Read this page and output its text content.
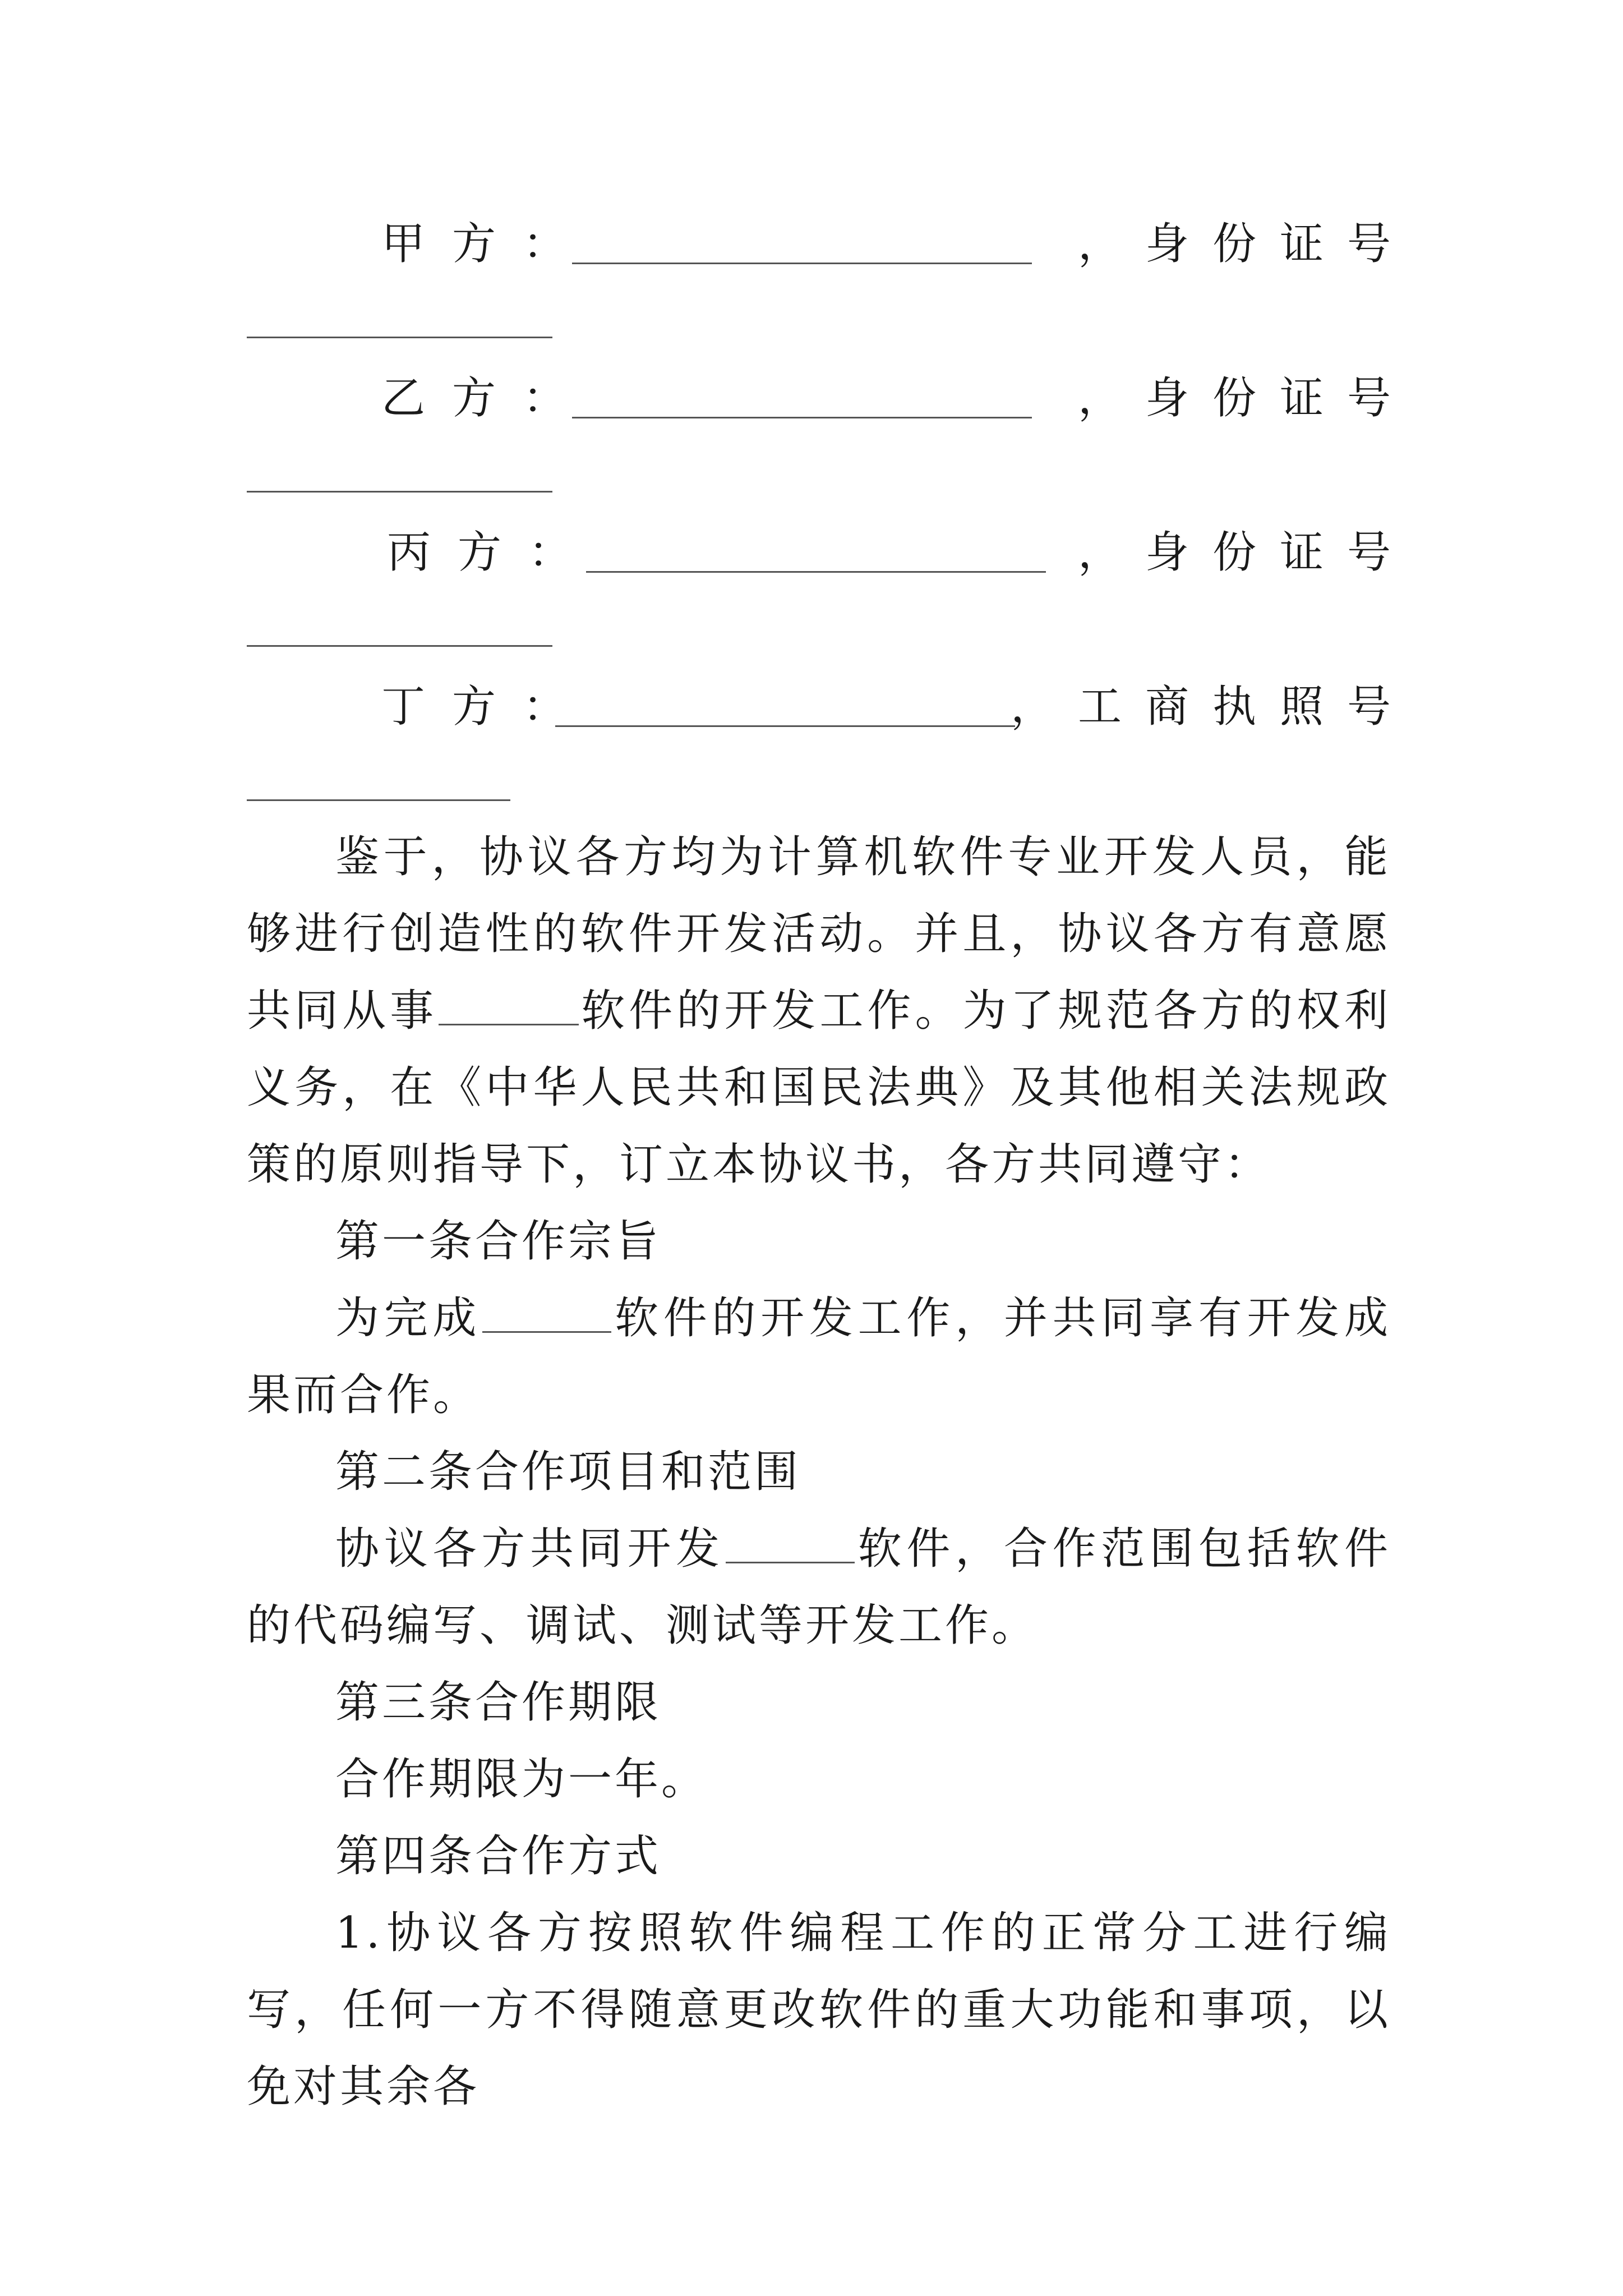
甲方：	，身份证号
乙方：	，身份证号
丙方：	，身份证号
丁方：	，工商执照号

鉴于，协议各方均为计算机软件专业开发人员，能够进行创造性的软件开发活动。并且，协议各方有意愿共同从事	软件的开发工作。为了规范各方的权利义务，在《中华人民共和国民法典》及其他相关法规政策的原则指导下，订立本协议书，各方共同遵守：

第一条合作宗旨

为完成	软件的开发工作，并共同享有开发成果而合作。

第二条合作项目和范围

协议各方共同开发	软件，合作范围包括软件的代码编写、调试、测试等开发工作。

第三条合作期限

合作期限为一年。

第四条合作方式

1.协议各方按照软件编程工作的正常分工进行编写，任何一方不得随意更改软件的重大功能和事项，以免对其余各
